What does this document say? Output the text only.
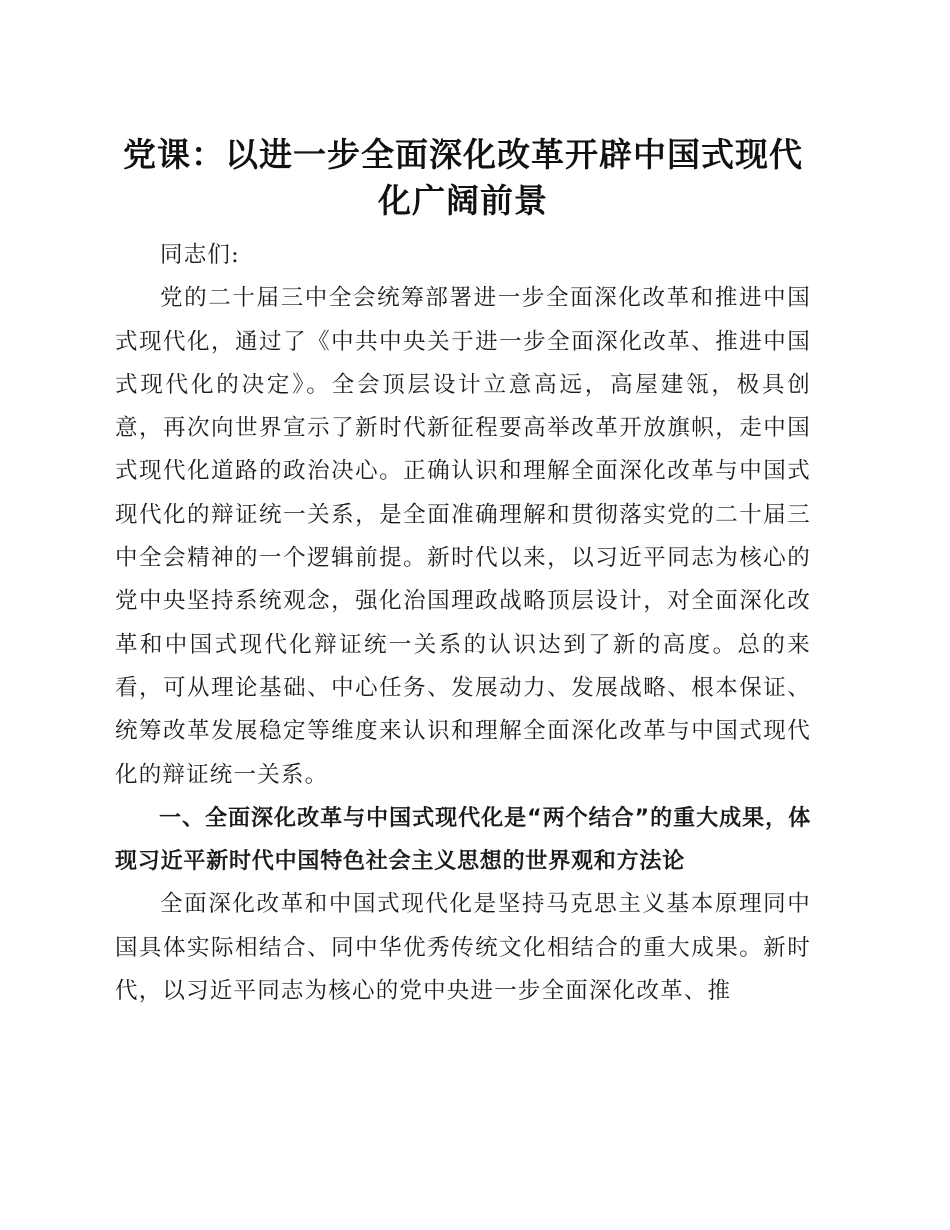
党课：以进一步全面深化改革开辟中国式现代化广阔前景

同志们:

党的二十届三中全会统筹部署进一步全面深化改革和推进中国式现代化，通过了《中共中央关于进一步全面深化改革、推进中国式现代化的决定》。全会顶层设计立意高远，高屋建瓴，极具创意，再次向世界宣示了新时代新征程要高举改革开放旗帜，走中国式现代化道路的政治决心。正确认识和理解全面深化改革与中国式现代化的辩证统一关系，是全面准确理解和贯彻落实党的二十届三中全会精神的一个逻辑前提。新时代以来，以习近平同志为核心的党中央坚持系统观念，强化治国理政战略顶层设计，对全面深化改革和中国式现代化辩证统一关系的认识达到了新的高度。总的来看，可从理论基础、中心任务、发展动力、发展战略、根本保证、统筹改革发展稳定等维度来认识和理解全面深化改革与中国式现代化的辩证统一关系。

一、全面深化改革与中国式现代化是“两个结合”的重大成果，体现习近平新时代中国特色社会主义思想的世界观和方法论

全面深化改革和中国式现代化是坚持马克思主义基本原理同中国具体实际相结合、同中华优秀传统文化相结合的重大成果。新时代，以习近平同志为核心的党中央进一步全面深化改革、推
